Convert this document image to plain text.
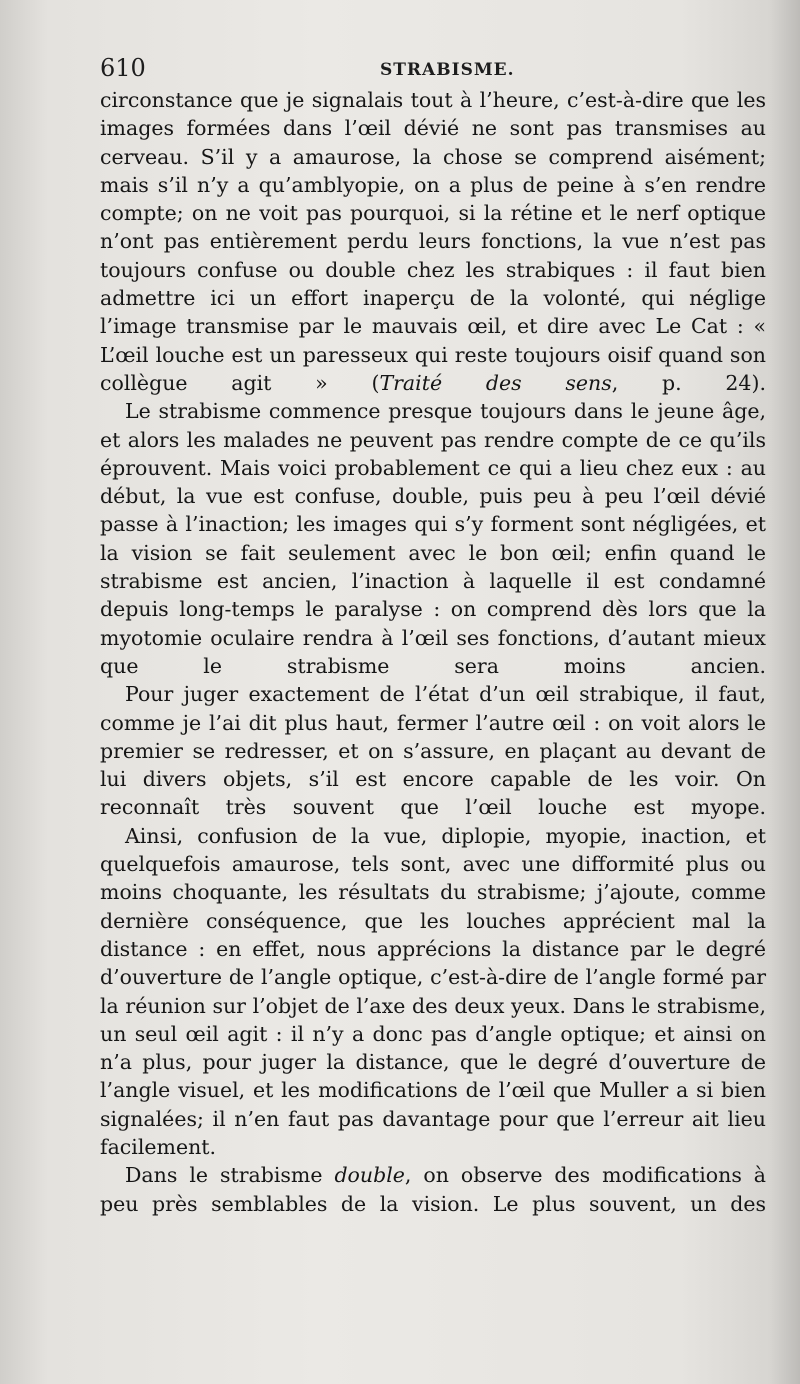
610	STRABISME.

circonstance que je signalais tout à l’heure, c’est-à-dire que les images formées dans l’œil dévié ne sont pas transmises au cerveau. S’il y a amaurose, la chose se comprend aisément; mais s’il n’y a qu’amblyopie, on a plus de peine à s’en rendre compte; on ne voit pas pourquoi, si la rétine et le nerf optique n’ont pas entièrement perdu leurs fonctions, la vue n’est pas toujours confuse ou double chez les strabiques : il faut bien admettre ici un effort inaperçu de la volonté, qui néglige l’image transmise par le mauvais œil, et dire avec Le Cat : « L’œil louche est un paresseux qui reste toujours oisif quand son collègue agit » (Traité des sens, p. 24).

Le strabisme commence presque toujours dans le jeune âge, et alors les malades ne peuvent pas rendre compte de ce qu’ils éprouvent. Mais voici probablement ce qui a lieu chez eux : au début, la vue est confuse, double, puis peu à peu l’œil dévié passe à l’inaction; les images qui s’y forment sont négligées, et la vision se fait seulement avec le bon œil; enfin quand le strabisme est ancien, l’inaction à laquelle il est condamné depuis long-temps le paralyse : on comprend dès lors que la myotomie oculaire rendra à l’œil ses fonctions, d’autant mieux que le strabisme sera moins ancien.

Pour juger exactement de l’état d’un œil strabique, il faut, comme je l’ai dit plus haut, fermer l’autre œil : on voit alors le premier se redresser, et on s’assure, en plaçant au devant de lui divers objets, s’il est encore capable de les voir. On reconnaît très souvent que l’œil louche est myope.

Ainsi, confusion de la vue, diplopie, myopie, inaction, et quelquefois amaurose, tels sont, avec une difformité plus ou moins choquante, les résultats du strabisme; j’ajoute, comme dernière conséquence, que les louches apprécient mal la distance : en effet, nous apprécions la distance par le degré d’ouverture de l’angle optique, c’est-à-dire de l’angle formé par la réunion sur l’objet de l’axe des deux yeux. Dans le strabisme, un seul œil agit : il n’y a donc pas d’angle optique; et ainsi on n’a plus, pour juger la distance, que le degré d’ouverture de l’angle visuel, et les modifications de l’œil que Muller a si bien signalées; il n’en faut pas davantage pour que l’erreur ait lieu facilement.

Dans le strabisme double, on observe des modifications à peu près semblables de la vision. Le plus souvent, un des
